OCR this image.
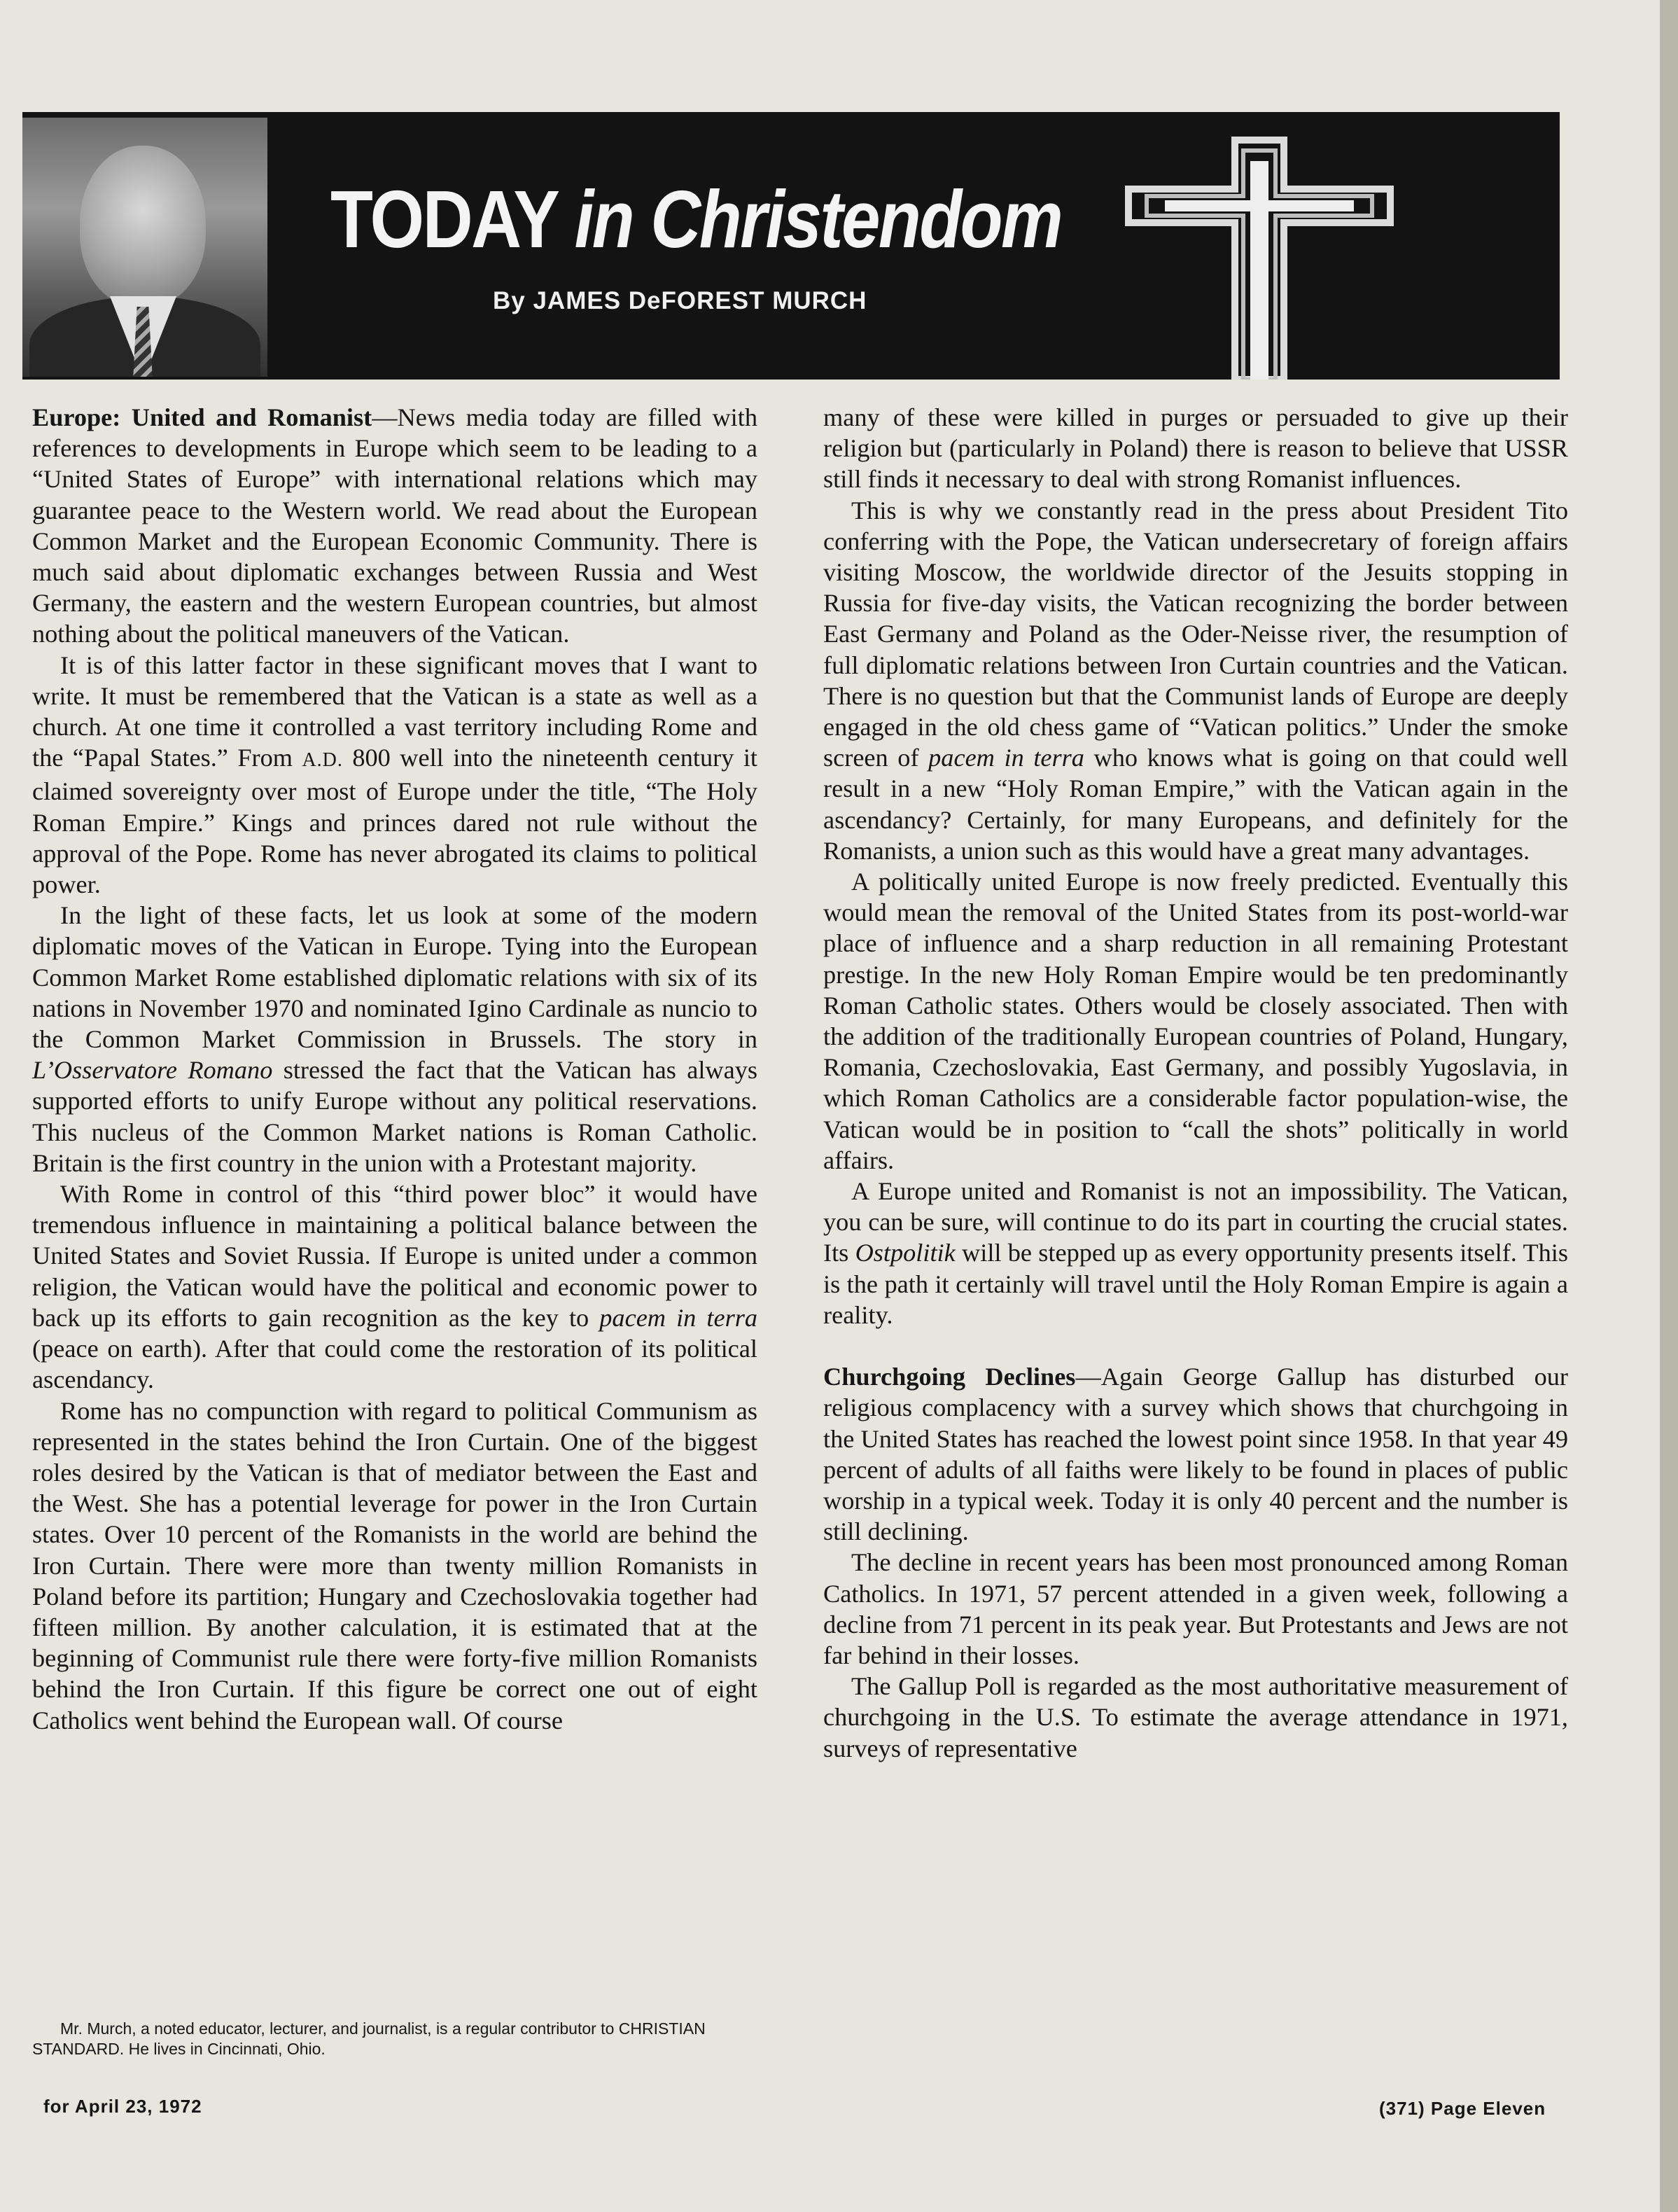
TODAY in Christendom
By JAMES DeFOREST MURCH

Europe: United and Romanist—News media today are filled with references to developments in Europe which seem to be leading to a “United States of Europe” with international relations which may guarantee peace to the Western world. We read about the European Common Market and the European Economic Community. There is much said about diplomatic exchanges between Russia and West Germany, the eastern and the western European countries, but almost nothing about the political maneuvers of the Vatican.

It is of this latter factor in these significant moves that I want to write. It must be remembered that the Vatican is a state as well as a church. At one time it controlled a vast territory including Rome and the “Papal States.” From A.D. 800 well into the nineteenth century it claimed sovereignty over most of Europe under the title, “The Holy Roman Empire.” Kings and princes dared not rule without the approval of the Pope. Rome has never abrogated its claims to political power.

In the light of these facts, let us look at some of the modern diplomatic moves of the Vatican in Europe. Tying into the European Common Market Rome established diplomatic relations with six of its nations in November 1970 and nominated Igino Cardinale as nuncio to the Common Market Commission in Brussels. The story in L’Osservatore Romano stressed the fact that the Vatican has always supported efforts to unify Europe without any political reservations. This nucleus of the Common Market nations is Roman Catholic. Britain is the first country in the union with a Protestant majority.

With Rome in control of this “third power bloc” it would have tremendous influence in maintaining a political balance between the United States and Soviet Russia. If Europe is united under a common religion, the Vatican would have the political and economic power to back up its efforts to gain recognition as the key to pacem in terra (peace on earth). After that could come the restoration of its political ascendancy.

Rome has no compunction with regard to political Communism as represented in the states behind the Iron Curtain. One of the biggest roles desired by the Vatican is that of mediator between the East and the West. She has a potential leverage for power in the Iron Curtain states. Over 10 percent of the Romanists in the world are behind the Iron Curtain. There were more than twenty million Romanists in Poland before its partition; Hungary and Czechoslovakia together had fifteen million. By another calculation, it is estimated that at the beginning of Communist rule there were forty-five million Romanists behind the Iron Curtain. If this figure be correct one out of eight Catholics went behind the European wall. Of course

many of these were killed in purges or persuaded to give up their religion but (particularly in Poland) there is reason to believe that USSR still finds it necessary to deal with strong Romanist influences.

This is why we constantly read in the press about President Tito conferring with the Pope, the Vatican undersecretary of foreign affairs visiting Moscow, the worldwide director of the Jesuits stopping in Russia for five-day visits, the Vatican recognizing the border between East Germany and Poland as the Oder-Neisse river, the resumption of full diplomatic relations between Iron Curtain countries and the Vatican. There is no question but that the Communist lands of Europe are deeply engaged in the old chess game of “Vatican politics.” Under the smoke screen of pacem in terra who knows what is going on that could well result in a new “Holy Roman Empire,” with the Vatican again in the ascendancy? Certainly, for many Europeans, and definitely for the Romanists, a union such as this would have a great many advantages.

A politically united Europe is now freely predicted. Eventually this would mean the removal of the United States from its post-world-war place of influence and a sharp reduction in all remaining Protestant prestige. In the new Holy Roman Empire would be ten predominantly Roman Catholic states. Others would be closely associated. Then with the addition of the traditionally European countries of Poland, Hungary, Romania, Czechoslovakia, East Germany, and possibly Yugoslavia, in which Roman Catholics are a considerable factor population-wise, the Vatican would be in position to “call the shots” politically in world affairs.

A Europe united and Romanist is not an impossibility. The Vatican, you can be sure, will continue to do its part in courting the crucial states. Its Ostpolitik will be stepped up as every opportunity presents itself. This is the path it certainly will travel until the Holy Roman Empire is again a reality.

Churchgoing Declines—Again George Gallup has disturbed our religious complacency with a survey which shows that churchgoing in the United States has reached the lowest point since 1958. In that year 49 percent of adults of all faiths were likely to be found in places of public worship in a typical week. Today it is only 40 percent and the number is still declining.

The decline in recent years has been most pronounced among Roman Catholics. In 1971, 57 percent attended in a given week, following a decline from 71 percent in its peak year. But Protestants and Jews are not far behind in their losses.

The Gallup Poll is regarded as the most authoritative measurement of churchgoing in the U.S. To estimate the average attendance in 1971, surveys of representative

Mr. Murch, a noted educator, lecturer, and journalist, is a regular contributor to CHRISTIAN STANDARD. He lives in Cincinnati, Ohio.
for April 23, 1972	(371) Page Eleven
